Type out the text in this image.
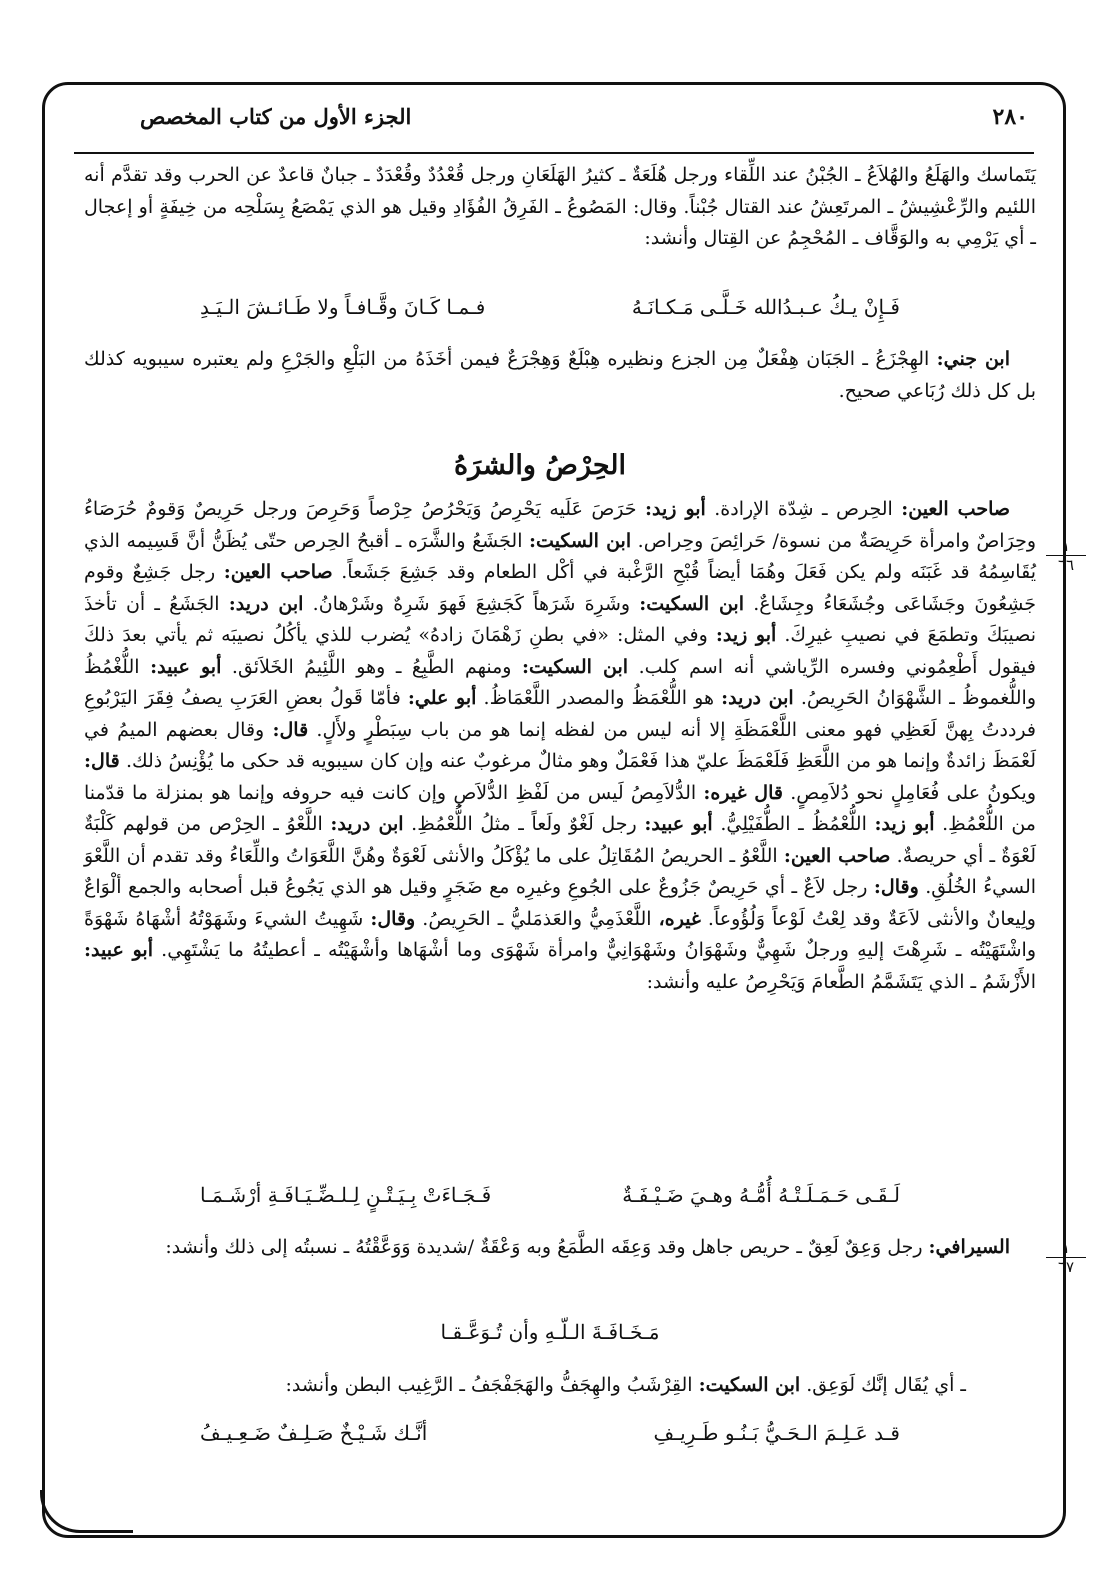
٢٨٠
الجزء الأول من كتاب المخصص

يَتَماسك والهَلَعُ والهُلاَعُ ـ الجُبْنُ عند اللِّقاء ورجل هُلَعَةٌ ـ كثيرُ الهَلَعَانِ ورجل قُعْدُدٌ وقُعْدَدٌ ـ جبانٌ قاعدٌ عن الحرب وقد تقدَّم أنه اللئيم والرِّعْشِيشُ ـ المرتَعِشُ عند القتال جُبْناً. وقال: المَصُوعُ ـ الفَرِقُ الفُؤَادِ وقيل هو الذي يَمْصَعُ بِسَلْحِه من خِيفَةٍ أو إعجال ـ أي يَرْمِي به والوَقَّاف ـ المُحْجِمُ عن القِتال وأنشد:

فَـإِنْ يـكُ عـبـدُالله خَـلَّـى مَـكـانَـهُ
فـمـا كَـانَ وقَّـافـاً ولا طَـائـشَ الـيَـدِ

ابن جني: الهِجْزَعُ ـ الجَبَان هِفْعَلٌ مِن الجزع ونظيره هِبْلَعٌ وَهِجْرَعٌ فيمن أخَذَهُ من البَلْعِ والجَرْعِ ولم يعتبره سيبويه كذلك بل كل ذلك رُبَاعي صحيح.

الحِرْصُ والشرَهُ

صاحب العين: الحِرص ـ شِدّة الإرادة. أبو زيد: حَرَصَ عَلَيه يَحْرِصُ وَيَحْرُصُ حِرْصاً وَحَرِصَ ورجل حَرِيصٌ وَقومٌ حُرَصَاءُ وحِرَاصٌ وامرأة حَرِيصَةٌ من نسوة/ حَرائِصَ وحِراص. ابن السكيت: الجَشَعُ والشَّرَه ـ أقبحُ الحِرص حتّى يُظَنُّ أنَّ قَسِيمه الذي يُقَاسِمُهُ قد غَبَنَه ولم يكن فَعَلَ وهُمَا أيضاً قُبْحِ الرَّغْبة في أكْل الطعام وقد جَشِعَ جَشَعاً. صاحب العين: رجل جَشِعٌ وقوم جَشِعُونَ وجَشَاعَى وجُشَعَاءُ وجِشَاعٌ. ابن السكيت: وشَرِهَ شَرَهاً كَجَشِعَ فَهوَ شَرِهٌ وشَرْهانُ. ابن دريد: الجَشَعُ ـ أن تأخذَ نصيبَكَ وتطمَعَ في نصيبِ غيرِكَ. أبو زيد: وفي المثل: «في بطنِ زَهْمَانَ زادهُ» يُضرب للذي يأكُلُ نصيبَه ثم يأتي بعدَ ذلكَ فيقول أَطْعِمُوني وفسره الرِّياشي أنه اسم كلب. ابن السكيت: ومنهم الطَّبِعُ ـ وهو اللَّئِيمُ الخَلاَئق. أبو عبيد: اللُّغْمُظُ واللُّغموظُ ـ الشَّهْوَانُ الحَرِيصُ. ابن دريد: هو اللُّعْمَظُ والمصدر اللَّعْمَاظُ. أبو علي: فأمّا قَولُ بعضِ العَرَبِ يصفُ فِقَرَ اليَرْبُوعِ فرددتُ بِهنَّ لَعَظِي فهو معنى اللَّعْمَظَةِ إلا أنه ليس من لفظه إنما هو من باب سِبَطْرٍ ولأَلٍ. قال: وقال بعضهم الميمُ في لَعْمَظَ زائدةٌ وإنما هو من اللَّعَظِ فَلَعْمَظَ عليّ هذا فَعْمَلٌ وهو مثالٌ مرغوبٌ عنه وإن كان سيبويه قد حكى ما يُؤْنِسُ ذلك. قال: ويكونُ على فُعَامِلٍ نحو دُلاَمِصٍ. قال غيره: الدُّلاَمِصُ لَيس من لَفْظِ الدُّلاَصِ وإن كانت فيه حروفه وإنما هو بمنزلة ما قدّمنا من اللُّعْمُظِ. أبو زيد: اللُّعْمُظُ ـ الطُّفَيْلِيُّ. أبو عبيد: رجل لَغْوٌ ولَعاً ـ مثلُ اللُّعْمُظِ. ابن دريد: اللَّعْوُ ـ الحِرْص من قولهم كَلْبَةٌ لَعْوَةٌ ـ أي حريصةٌ. صاحب العين: اللَّعْوُ ـ الحريصُ المُقَاتِلُ على ما يُؤْكَلُ والأنثى لَعْوَةٌ وهُنَّ اللَّعَوَاتُ واللِّعَاءُ وقد تقدم أن اللَّعْوَ السيءُ الخُلُقِ. وقال: رجل لاَعٌ ـ أي حَرِيصٌ جَزُوعٌ على الجُوعِ وغيرِه مع ضَجَرٍ وقيل هو الذي يَجُوعُ قبل أصحابه والجمع ألْوَاعٌ ولِيعانٌ والأنثى لاَعَةٌ وقد لِعْتُ لَوْعاً وَلُؤُوعاً. غيره، اللَّعْذَمِيُّ والعَذمَليُّ ـ الحَرِيصُ. وقال: شَهِيتُ الشيءَ وشَهَوْتُهُ أشْهَاهُ شَهْوَةً واشْتَهَيْتُه ـ شَرِهْتَ إليهِ ورجلٌ شَهِيٌّ وشَهْوَانُ وشَهْوَانِيٌّ وامرأة شَهْوَى وما أشْهَاها وأشْهَيْتُه ـ أعطيتُهُ ما يَشْتَهِي. أبو عبيد: الأَزْشَمُ ـ الذي يَتَشَمَّمُ الطَّعامَ وَيَحْرِصُ عليه وأنشد:

١
٦٦
لَـقَـى حَـمَـلَـتْـهُ أُمُّـهُ وهـيَ ضَـيْـفَـةٌ
فَـجَـاءَتْ بِـيَـتْـنٍ لِـلـضِّـيَـافَـةِ أرْشَـمَـا

السيرافي: رجل وَعِقٌ لَعِقٌ ـ حريص جاهل وقد وَعِقَه الطَّمَعُ وبه وَعْقَةٌ /شديدة وَوَعَّقْتُهُ ـ نسبتُه إلى ذلك وأنشد:	١
٦٧
مَـخَـافَـةَ الـلّـهِ وأن تُـوَعَّـقـا
ـ أي يُقَال إنَّك لَوَعِق. ابن السكيت: القِرْشَبُ والهِجَفُّ والهَجَفْجَفُ ـ الرَّغِيب البطن وأنشد:
قـد عَـلِـمَ الـحَـيُّ بَـنُـو طَـرِيـفِ
أنَّـك شَـيْـخٌ صَـلِـفٌ ضَـعِـيـفُ
